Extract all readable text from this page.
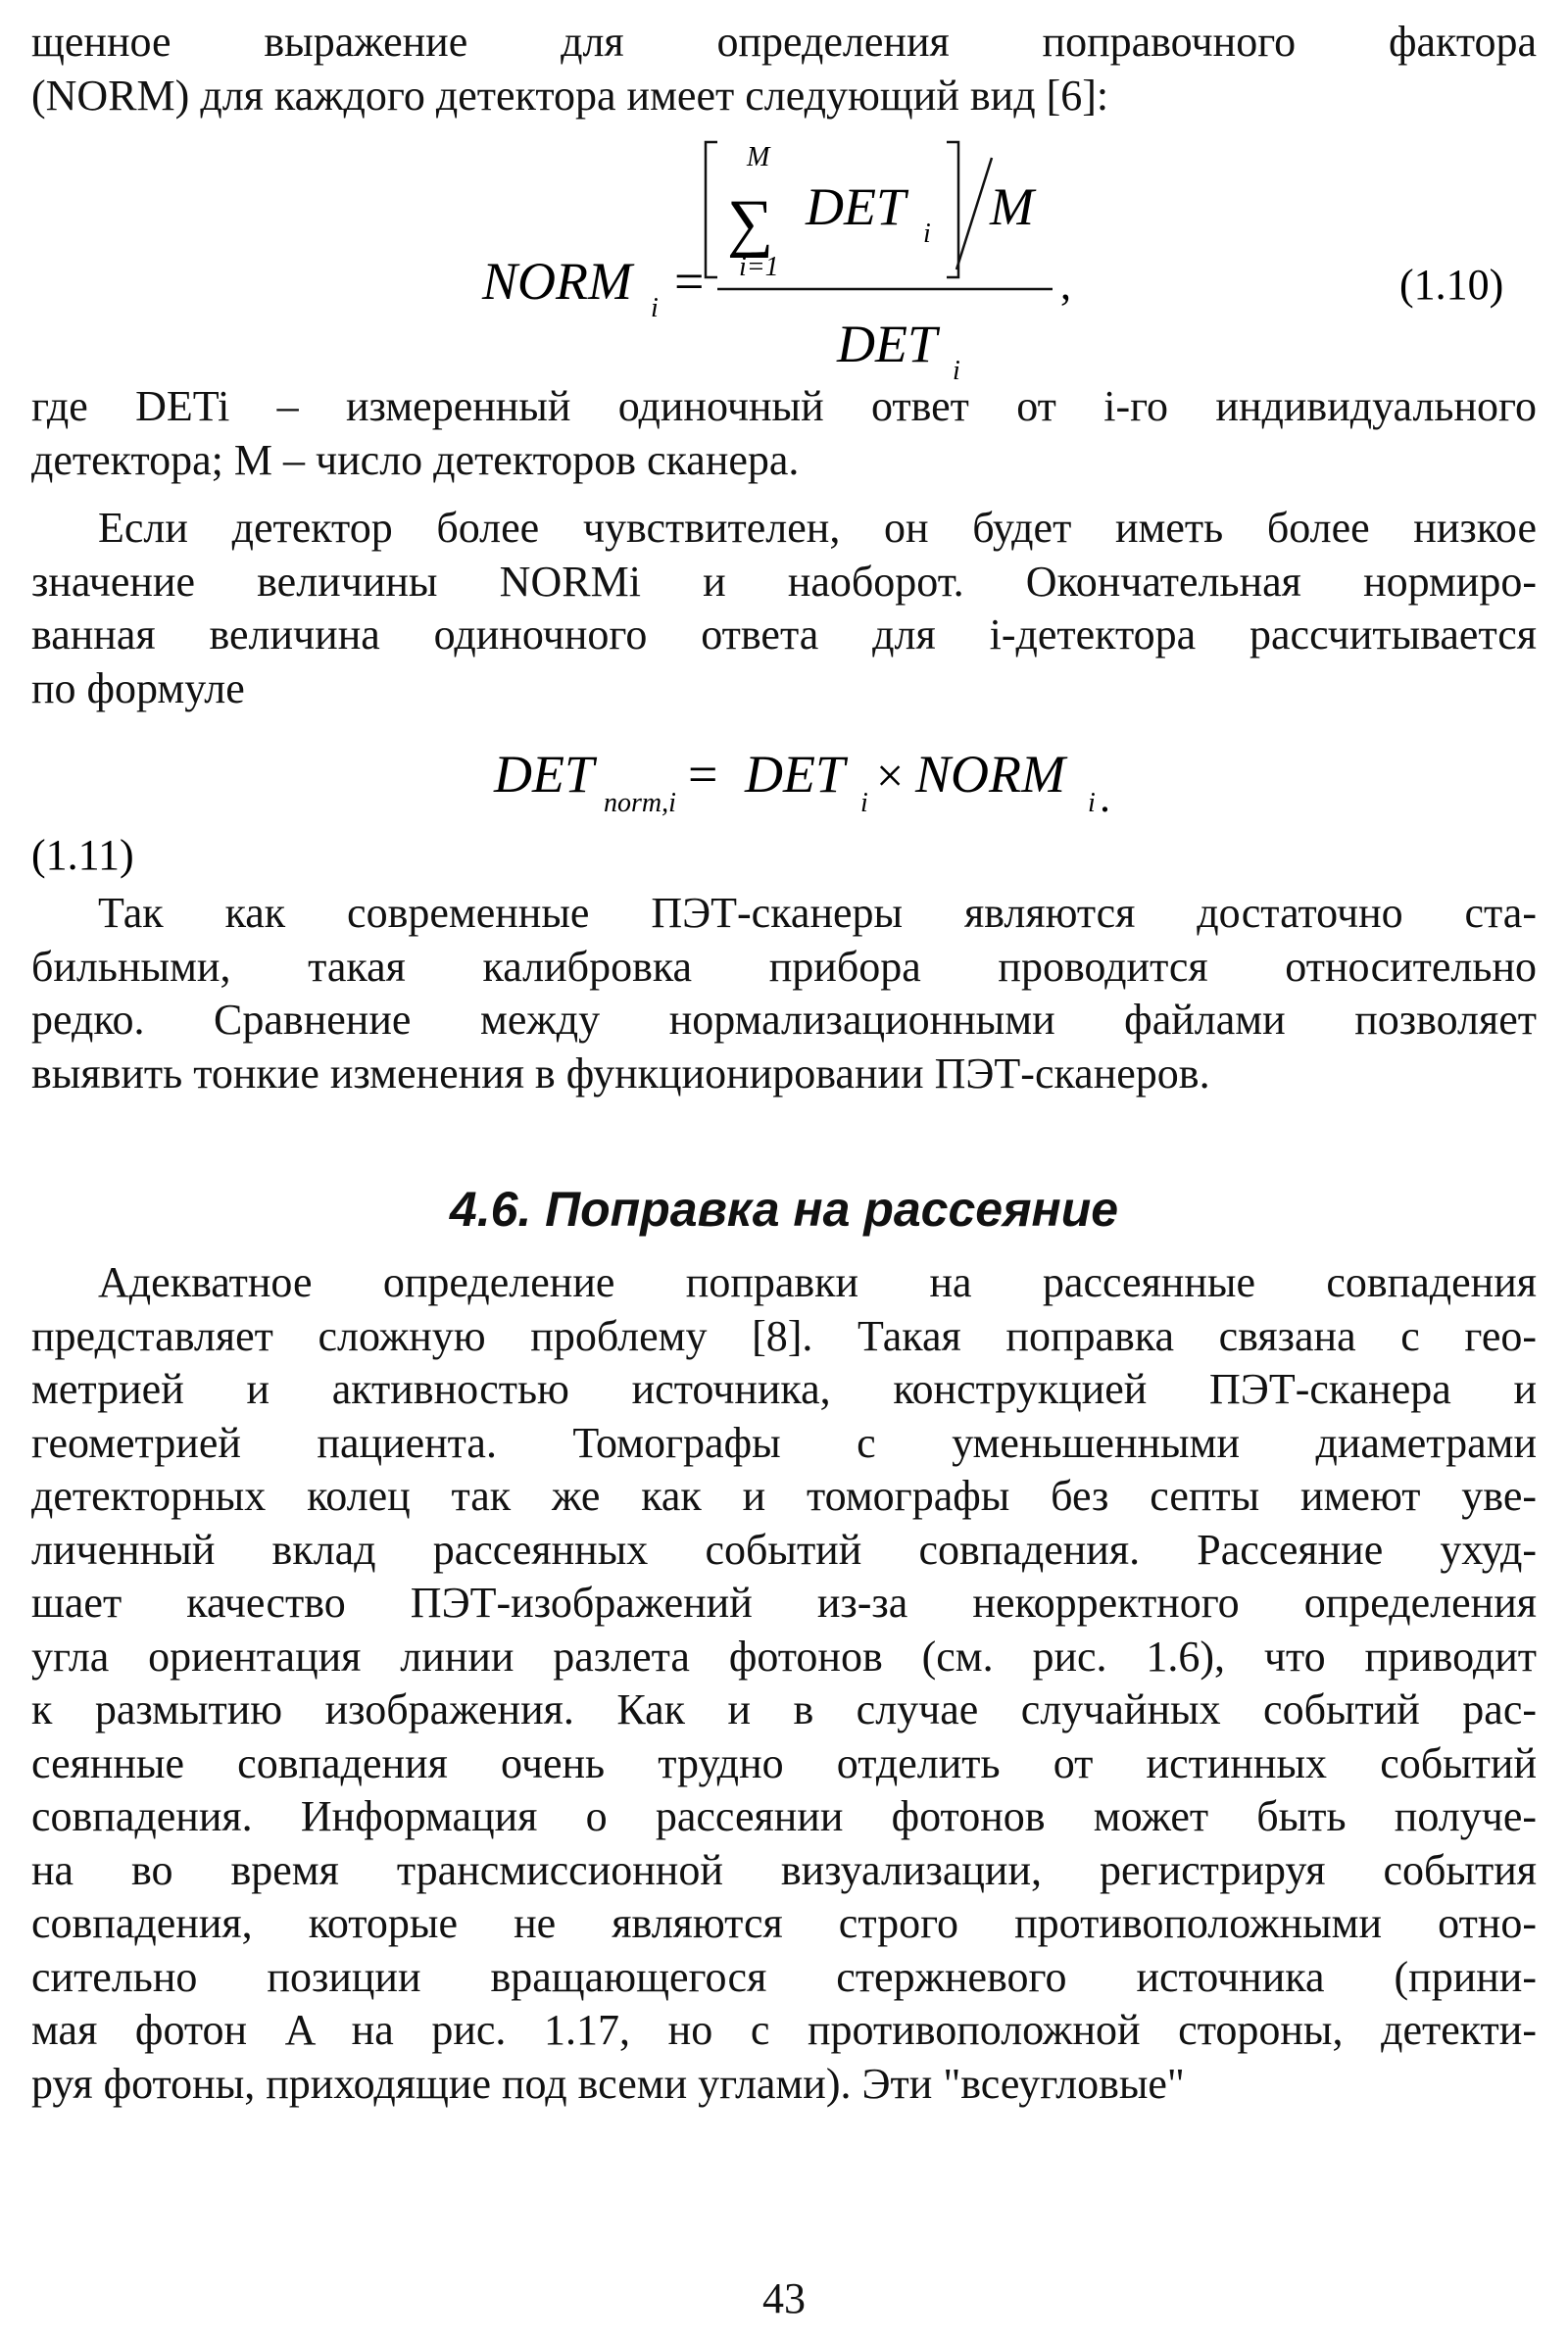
щенное выражение для определения поправочного фактора
(NORM) для каждого детектора имеет следующий вид [6]:
∑
M
i=1
DET i M
NORM i =	,
DET i
(1.10)
где DETi – измеренный одиночный ответ от i-го индивидуального
детектора; M – число детекторов сканера.
Если детектор более чувствителен, он будет иметь более низкое
значение величины NORMi и наоборот. Окончательная нормиро-
ванная величина одиночного ответа для i-детектора рассчитывается
по формуле
DET norm,i = DET i
× NORM i .
(1.11)
Так как современные ПЭТ-сканеры являются достаточно ста-
бильными, такая калибровка прибора проводится относительно
редко. Сравнение между нормализационными файлами позволяет
выявить тонкие изменения в функционировании ПЭТ-сканеров.
4.6. Поправка на рассеяние
Адекватное определение поправки на рассеянные совпадения
представляет сложную проблему [8]. Такая поправка связана с гео-
метрией и активностью источника, конструкцией ПЭТ-сканера и
геометрией пациента. Томографы с уменьшенными диаметрами
детекторных колец так же как и томографы без септы имеют уве-
личенный вклад рассеянных событий совпадения. Рассеяние ухуд-
шает качество ПЭТ-изображений из-за некорректного определения
угла ориентация линии разлета фотонов (см. рис. 1.6), что приводит
к размытию изображения. Как и в случае случайных событий рас-
сеянные совпадения очень трудно отделить от истинных событий
совпадения. Информация о рассеянии фотонов может быть получе-
на во время трансмиссионной визуализации, регистрируя события
совпадения, которые не являются строго противоположными отно-
сительно позиции вращающегося стержневого источника (прини-
мая фотон A на рис. 1.17, но с противоположной стороны, детекти-
руя фотоны, приходящие под всеми углами). Эти "всеугловые"
43
